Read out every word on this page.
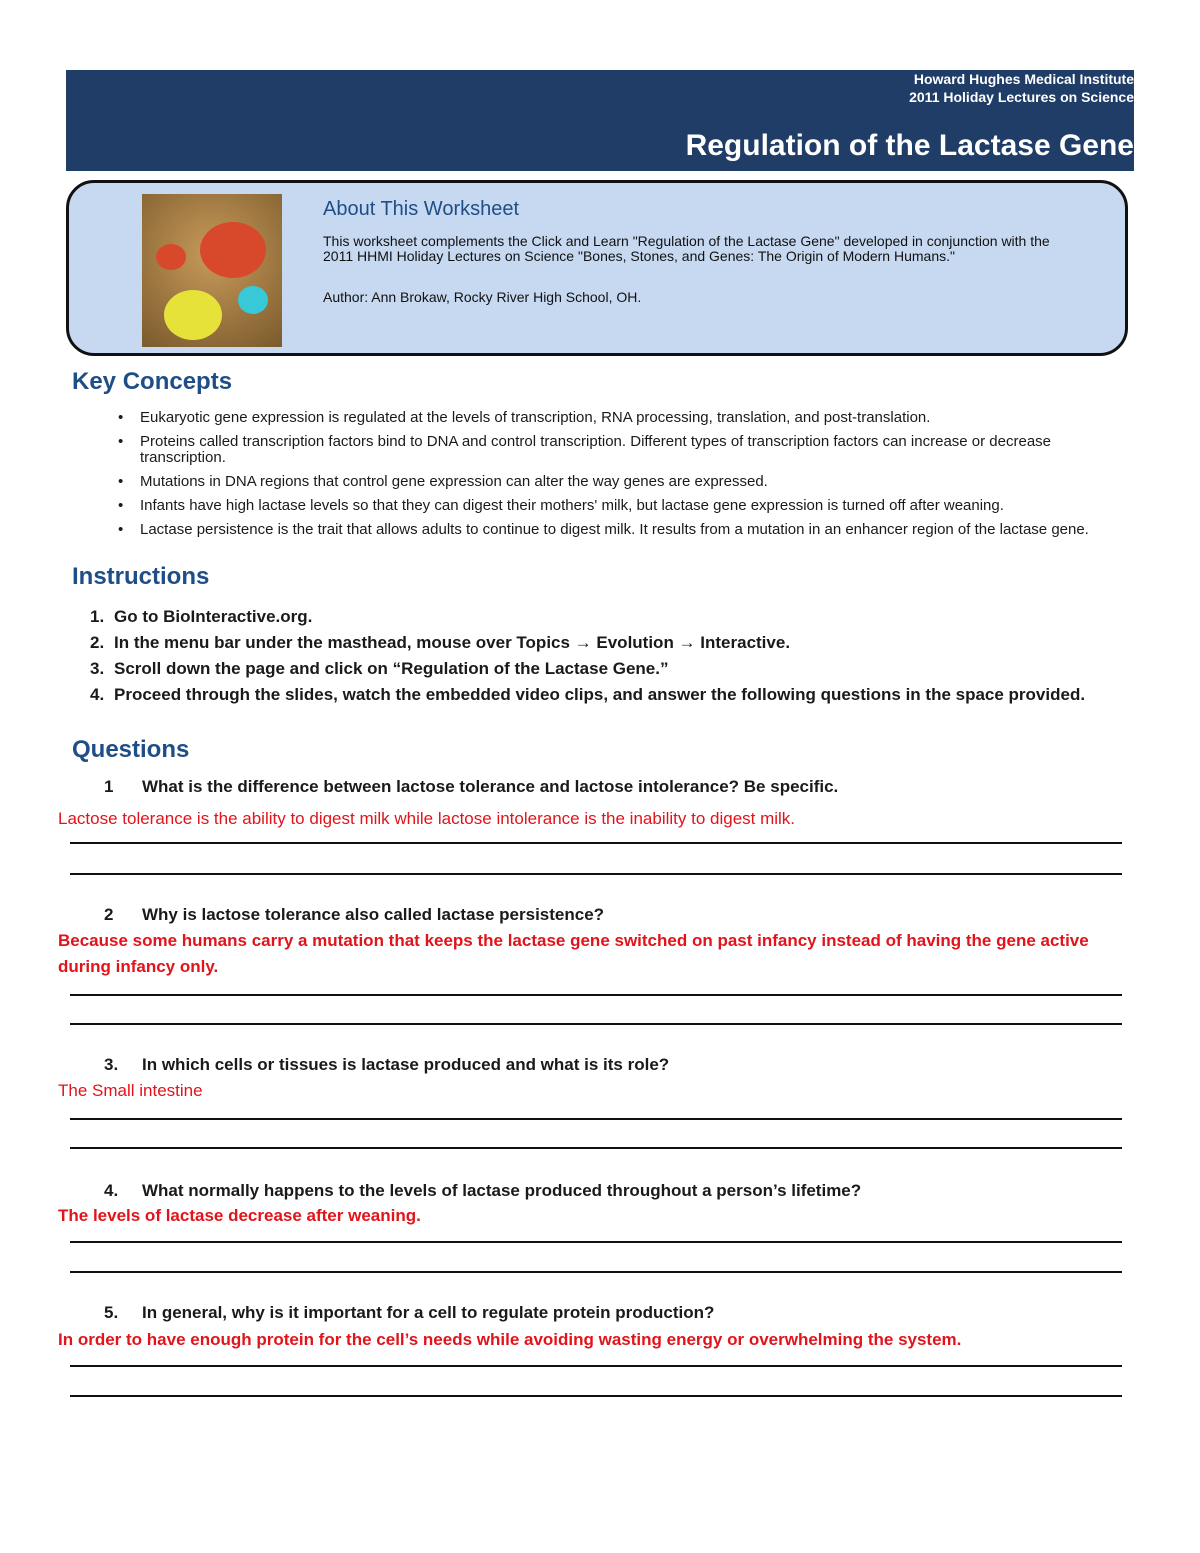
Howard Hughes Medical Institute
2011 Holiday Lectures on Science
Regulation of the Lactase Gene
About This Worksheet
This worksheet complements the Click and Learn "Regulation of the Lactase Gene" developed in conjunction with the 2011 HHMI Holiday Lectures on Science "Bones, Stones, and Genes: The Origin of Modern Humans."
Author: Ann Brokaw, Rocky River High School, OH.
Key Concepts
• Eukaryotic gene expression is regulated at the levels of transcription, RNA processing, translation, and post-translation.
• Proteins called transcription factors bind to DNA and control transcription. Different types of transcription factors can increase or decrease transcription.
• Mutations in DNA regions that control gene expression can alter the way genes are expressed.
• Infants have high lactase levels so that they can digest their mothers' milk, but lactase gene expression is turned off after weaning.
• Lactase persistence is the trait that allows adults to continue to digest milk. It results from a mutation in an enhancer region of the lactase gene.
Instructions
1. Go to BioInteractive.org.
2. In the menu bar under the masthead, mouse over Topics → Evolution → Interactive.
3. Scroll down the page and click on “Regulation of the Lactase Gene.”
4. Proceed through the slides, watch the embedded video clips, and answer the following questions in the space provided.
Questions
1 What is the difference between lactose tolerance and lactose intolerance? Be specific.
Lactose tolerance is the ability to digest milk while lactose intolerance is the inability to digest milk.
2 Why is lactose tolerance also called lactase persistence?
Because some humans carry a mutation that keeps the lactase gene switched on past infancy instead of having the gene active during infancy only.
3. In which cells or tissues is lactase produced and what is its role?
The Small intestine
4. What normally happens to the levels of lactase produced throughout a person’s lifetime?
The levels of lactase decrease after weaning.
5. In general, why is it important for a cell to regulate protein production?
In order to have enough protein for the cell’s needs while avoiding wasting energy or overwhelming the system.
